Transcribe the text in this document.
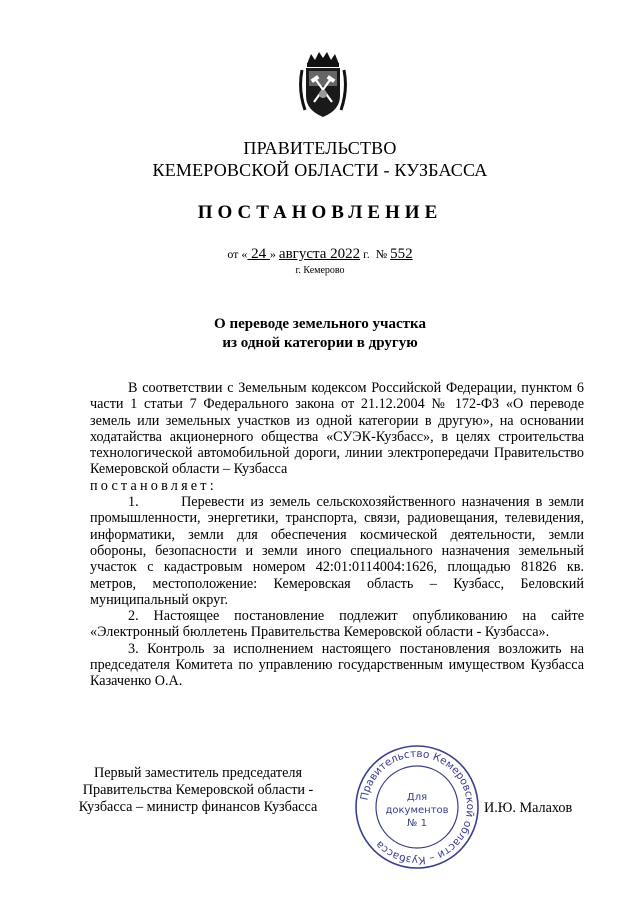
ПРАВИТЕЛЬСТВО
КЕМЕРОВСКОЙ ОБЛАСТИ - КУЗБАССА
ПОСТАНОВЛЕНИЕ
от « 24 » августа 2022 г. № 552
г. Кемерово
О переводе земельного участка
из одной категории в другую

В соответствии с Земельным кодексом Российской Федерации, пунктом 6 части 1 статьи 7 Федерального закона от 21.12.2004 № 172-ФЗ «О переводе земель или земельных участков из одной категории в другую», на основании ходатайства акционерного общества «СУЭК-Кузбасс», в целях строительства технологической автомобильной дороги, линии электропередачи Правительство Кемеровской области – Кузбасса

постановляет:

1.	Перевести из земель сельскохозяйственного назначения в земли промышленности, энергетики, транспорта, связи, радиовещания, телевидения, информатики, земли для обеспечения космической деятельности, земли обороны, безопасности и земли иного специального назначения земельный участок с кадастровым номером 42:01:0114004:1626, площадью 81826 кв. метров, местоположение: Кемеровская область – Кузбасс, Беловский муниципальный округ.

2. Настоящее постановление подлежит опубликованию на сайте «Электронный бюллетень Правительства Кемеровской области - Кузбасса».

3. Контроль за исполнением настоящего постановления возложить на председателя Комитета по управлению государственным имуществом Кузбасса Казаченко О.А.

Первый заместитель председателя
Правительства Кемеровской области -
Кузбасса – министр финансов Кузбасса
Правительство Кемеровской области – Кузбасса
Для
документов
№ 1
И.Ю. Малахов
